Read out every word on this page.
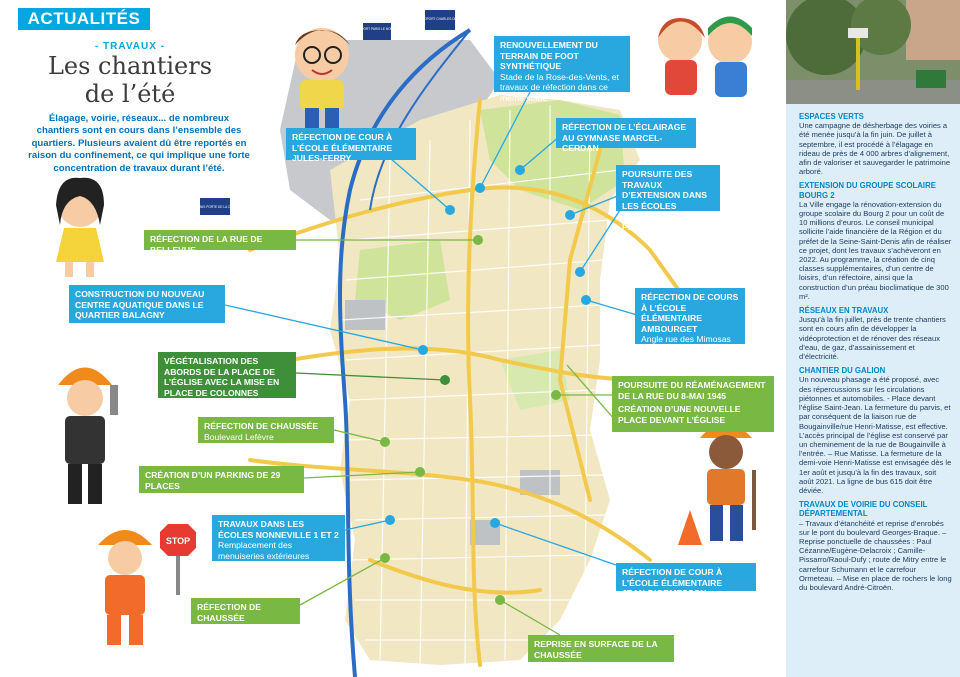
AÉROPORT PARIS LE BOURGET
CDG AÉROPORT CHARLES DE GAULLE
SAINT-DENIS PORTE DE LA CHAPELLE
STOP
ACTUALITÉS
- TRAVAUX -
Les chantiers
de l’été
Élagage, voirie, réseaux... de nombreux chantiers sont en cours dans l’ensemble des quartiers. Plusieurs avaient dû être reportés en raison du confinement, ce qui implique une forte concentration de travaux durant l’été.
RENOUVELLEMENT DU TERRAIN DE FOOT SYNTHÉTIQUE
Stade de la Rose-des-Vents, et travaux de réfection dans ce même stade
RÉFECTION DE L’ÉCLAIRAGE AU GYMNASE MARCEL-CERDAN
RÉFECTION DE COUR À L’ÉCOLE ÉLÉMENTAIRE JULES-FERRY
POURSUITE DES TRAVAUX D’EXTENSION DANS LES ÉCOLES SAVIGNY ET PERRIÈRES
RÉFECTION DE LA RUE DE BELLEVUE
CONSTRUCTION DU NOUVEAU CENTRE AQUATIQUE DANS LE QUARTIER BALAGNY
RÉFECTION DE COURS À L’ÉCOLE ÉLÉMENTAIRE AMBOURGET
Angle rue des Mimosas et rue des Ormes
VÉGÉTALISATION DES ABORDS DE LA PLACE DE L’ÉGLISE AVEC LA MISE EN PLACE DE COLONNES FLEURIES
POURSUITE DU RÉAMÉNAGEMENT DE LA RUE DU 8-MAI 1945
CRÉATION D’UNE NOUVELLE PLACE DEVANT L’ÉGLISE
RÉFECTION DE CHAUSSÉE
Boulevard Lefèvre
CRÉATION D’UN PARKING DE 29 PLACES
14-16, rue du Docteur Roux
TRAVAUX DANS LES ÉCOLES NONNEVILLE 1 ET 2
Remplacement des menuiseries extérieures
RÉFECTION DE COUR À L’ÉCOLE ÉLÉMENTAIRE JEAN-D’ORMESSON
RÉFECTION DE CHAUSSÉE
Boulevard de Strasbourg
REPRISE EN SURFACE DE LA CHAUSSÉE
Avenue des Pavillons-sous-Bois
ESPACES VERTS
Une campagne de désherbage des voiries a été menée jusqu’à la fin juin. De juillet à septembre, il est procédé à l’élagage en rideau de près de 4 000 arbres d’alignement, afin de valoriser et sauvegarder le patrimoine arboré.
EXTENSION DU GROUPE SCOLAIRE BOURG 2
La Ville engage la rénovation-extension du groupe scolaire du Bourg 2 pour un coût de 10 millions d’euros. Le conseil municipal sollicite l’aide financière de la Région et du préfet de la Seine-Saint-Denis afin de réaliser ce projet, dont les travaux s’achèveront en 2022. Au programme, la création de cinq classes supplémentaires, d’un centre de loisirs, d’un réfectoire, ainsi que la construction d’un préau bioclimatique de 300 m².
RÉSEAUX EN TRAVAUX
Jusqu’à la fin juillet, près de trente chantiers sont en cours afin de développer la vidéoprotection et de rénover des réseaux d’eau, de gaz, d’assainissement et d’électricité.
CHANTIER DU GALION
Un nouveau phasage a été proposé, avec des répercussions sur les circulations piétonnes et automobiles. - Place devant l’église Saint-Jean. La fermeture du parvis, et par conséquent de la liaison rue de Bougainville/rue Henri-Matisse, est effective. L’accès principal de l’église est conservé par un cheminement de la rue de Bougainville à l’entrée. – Rue Matisse. La fermeture de la demi-voie Henri-Matisse est envisagée dès le 1er août et jusqu’à la fin des travaux, soit août 2021. La ligne de bus 615 doit être déviée.
TRAVAUX DE VOIRIE DU CONSEIL DÉPARTEMENTAL
– Travaux d’étanchéité et reprise d’enrobés sur le pont du boulevard Georges-Braque. – Reprise ponctuelle de chaussées : Paul Cézanne/Eugène-Delacroix ; Camille-Pissarro/Raoul-Dufy ; route de Mitry entre le carrefour Schumann et le carrefour Ormeteau. – Mise en place de rochers le long du boulevard André-Citroën.
